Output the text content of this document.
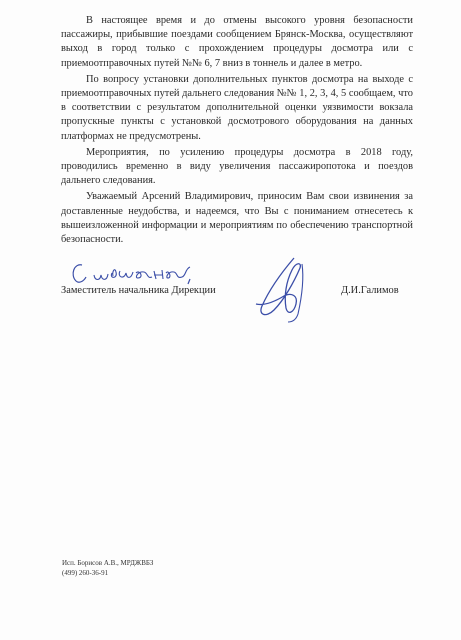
В настоящее время и до отмены высокого уровня безопасности пассажиры, прибывшие поездами сообщением Брянск-Москва, осуществляют выход в город только с прохождением процедуры досмотра или с приемоотправочных путей №№ 6, 7 вниз в тоннель и далее в метро.

По вопросу установки дополнительных пунктов досмотра на выходе с приемоотправочных путей дальнего следования №№ 1, 2, 3, 4, 5 сообщаем, что в соответствии с результатом дополнительной оценки уязвимости вокзала пропускные пункты с установкой досмотрового оборудования на данных платформах не предусмотрены.

Мероприятия, по усилению процедуры досмотра в 2018 году, проводились временно в виду увеличения пассажиропотока и поездов дальнего следования.

Уважаемый Арсений Владимирович, приносим Вам свои извинения за доставленные неудобства, и надеемся, что Вы с пониманием отнесетесь к вышеизложенной информации и мероприятиям по обеспечению транспортной безопасности.

Заместитель начальника Дирекции	Д.И.Галимов
Исп. Борисов А.В., МРДЖВБЗ
(499) 260-36-91
